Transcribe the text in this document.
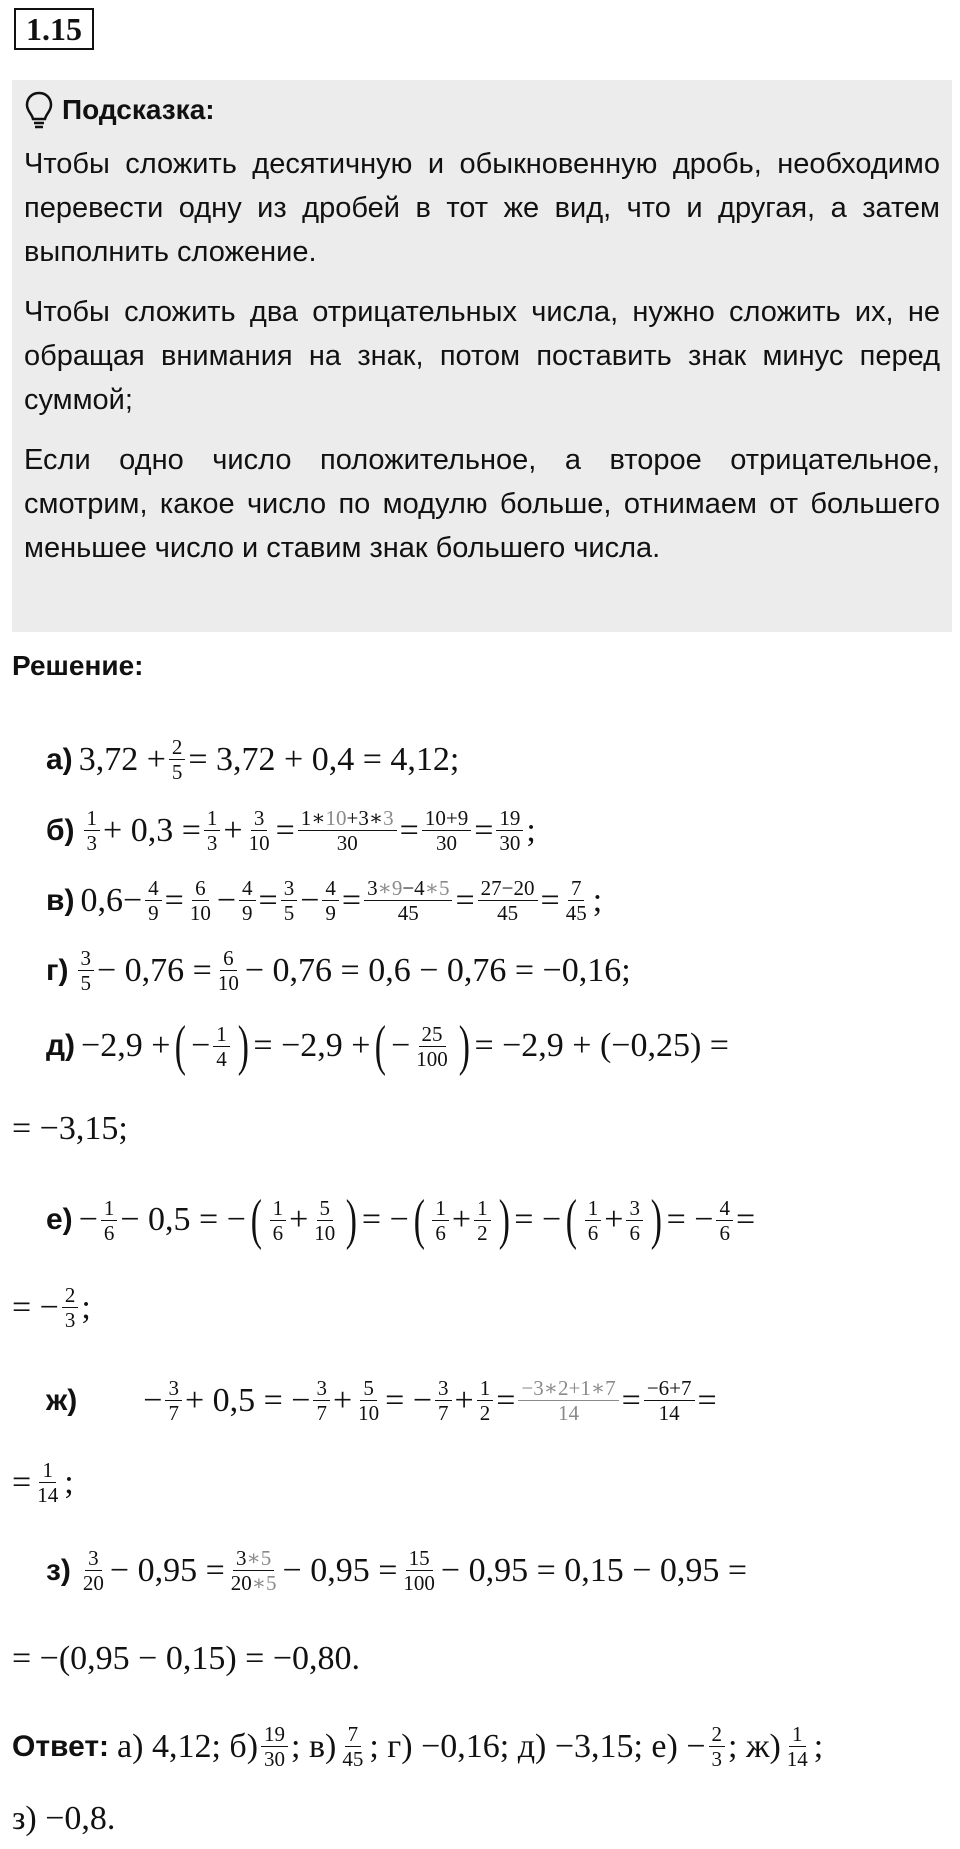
1.15
Подсказка:

Чтобы сложить десятичную и обыкновенную дробь, необходимо перевести одну из дробей в тот же вид, что и другая, а затем выполнить сложение.

Чтобы сложить два отрицательных числа, нужно сложить их, не обращая внимания на знак, потом поставить знак минус перед суммой;

Если одно число положительное, а второе отрицательное, смотрим, какое число по модулю больше, отнимаем от большего меньшее число и ставим знак большего числа.

Решение:
а) $3,72 + \frac{2}{5} = 3,72 + 0,4 = 4,12$;
б) 1
$3 + 0,3 = \frac{1}{3} + \frac{3}{10} = \frac{1∗10+3∗3}{30} = \frac{10+9}{30} = \frac{19}{30}$ ;
в) $0,6- \frac{4}{9} = \frac{6}{10} - \frac{4}{9} = \frac{3}{5} - \frac{4}{9} = \frac{3∗9-4∗5}{45} = \frac{27-20}{45} = \frac{7}{45}$ ;
г) 3
$5 - 0,76 = \frac{6}{10} - 0,76 = 0,6 - 0,76 = -0,16$;
д) −2,9 + ( − $\frac{1}{4}$ ) = −2,9 + ( − $\frac{25}{100}$ ) = −2,9 + (−0,25) =
= −3,15;
$е) - \frac{1}{6} - 0,5$ = − ( 1
$6 + \frac{5}{10}$ ) = − ( 1
$6 + \frac{1}{2}$ ) = − ( 1
$6 + \frac{3}{6}$ ) = − $\frac{4}{6}$ =
= − $\frac{2}{3}$ ;
$ж) - \frac{3}{7} + 0,5$ = − $\frac{3}{7} + \frac{5}{10}$ = − $\frac{3}{7} + \frac{1}{2} = \frac{-3∗2+1∗7}{14} = \frac{-6+7}{14}$ =
= $\frac{1}{14}$ ;
з) 3
$20 - 0,95 = \frac{3∗5}{20∗5} - 0,95 = \frac{15}{100} - 0,95 = 0,15 - 0,95$ =
= −(0,95 − 0,15) = −0,80.
Ответ: а) 4,12; б) 19
30 ; в) 7
45 ; г) −0,16; д) −3,15; $е) - \frac{2}{3}$ ; ж) 1
14 ;
з) −0,8.
